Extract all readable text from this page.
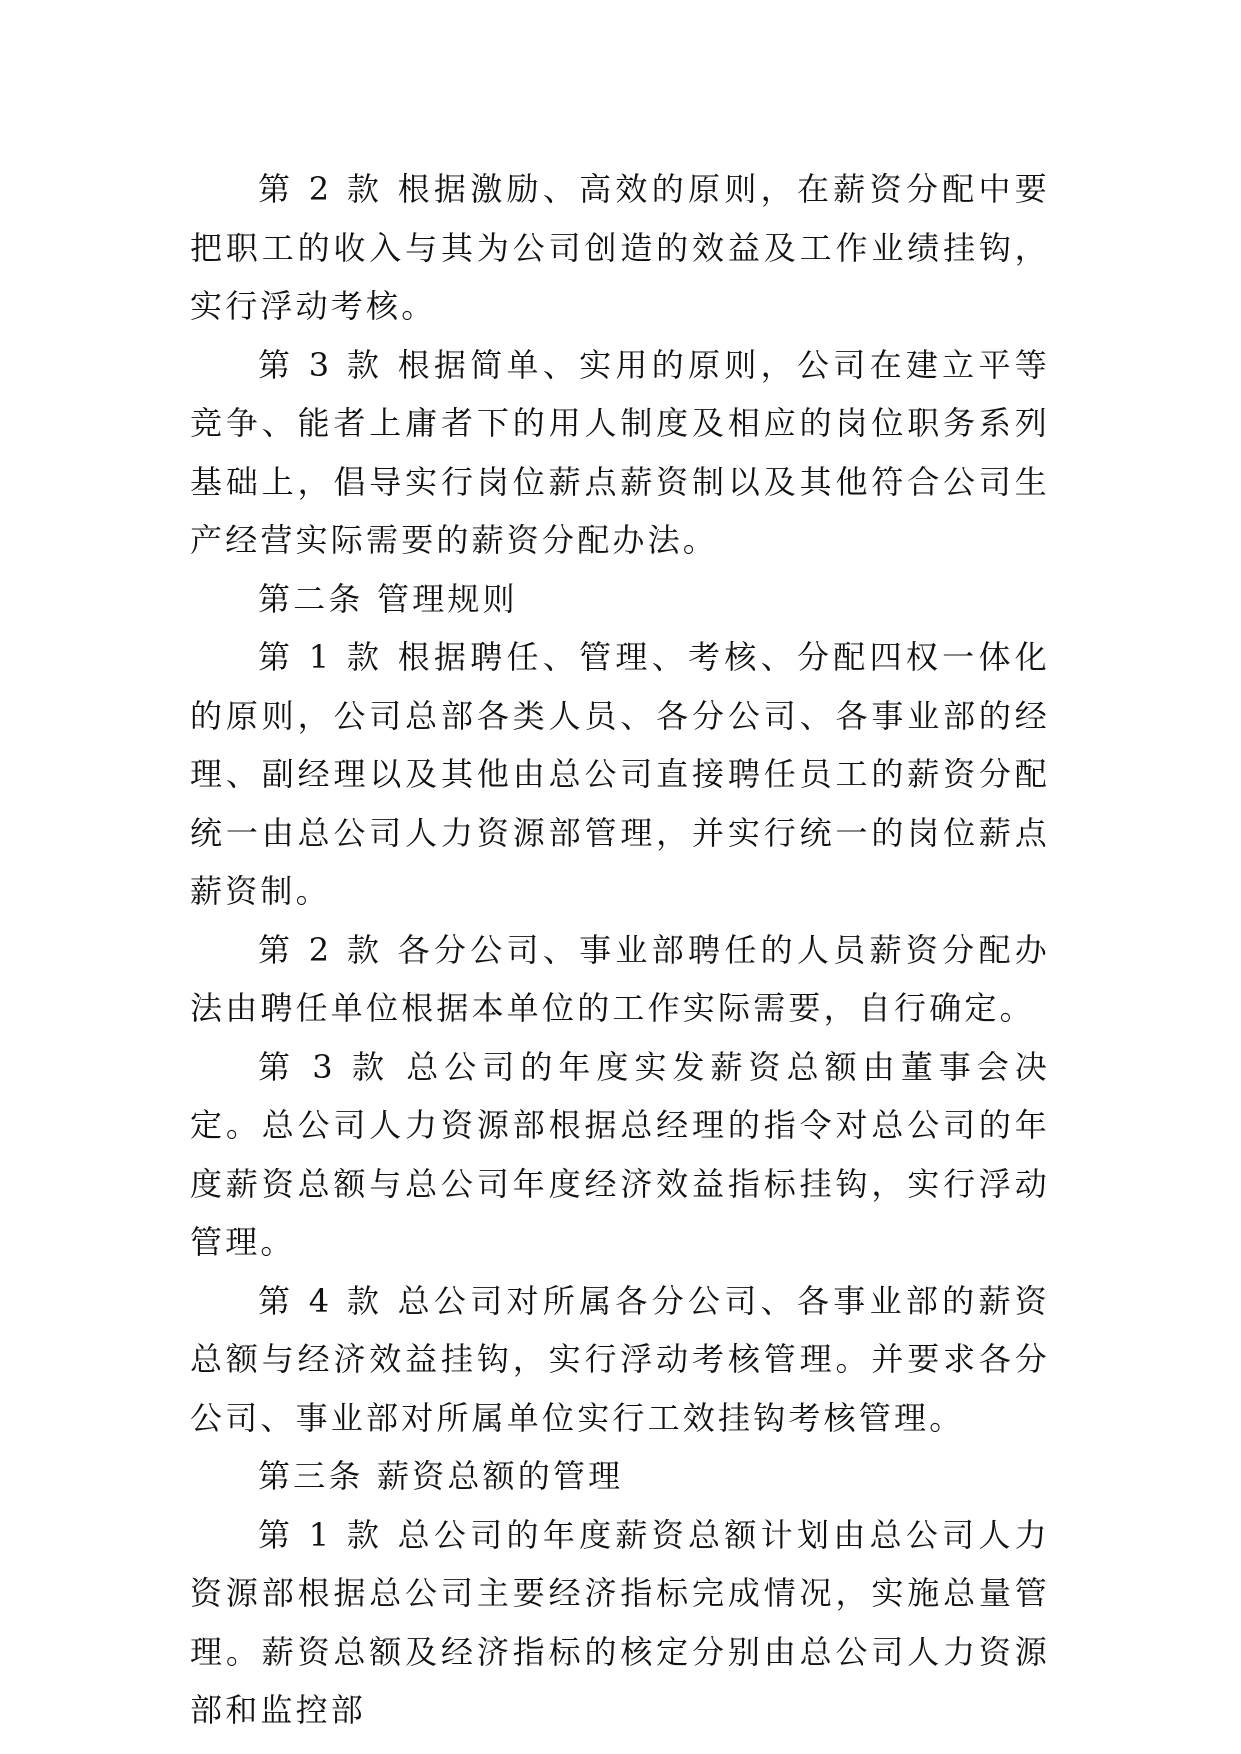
第 2 款 根据激励、高效的原则，在薪资分配中要把职工的收入与其为公司创造的效益及工作业绩挂钩，实行浮动考核。

第 3 款 根据简单、实用的原则，公司在建立平等竞争、能者上庸者下的用人制度及相应的岗位职务系列基础上，倡导实行岗位薪点薪资制以及其他符合公司生产经营实际需要的薪资分配办法。

第二条 管理规则

第 1 款 根据聘任、管理、考核、分配四权一体化的原则，公司总部各类人员、各分公司、各事业部的经理、副经理以及其他由总公司直接聘任员工的薪资分配统一由总公司人力资源部管理，并实行统一的岗位薪点薪资制。

第 2 款 各分公司、事业部聘任的人员薪资分配办法由聘任单位根据本单位的工作实际需要，自行确定。

第 3 款 总公司的年度实发薪资总额由董事会决定。总公司人力资源部根据总经理的指令对总公司的年度薪资总额与总公司年度经济效益指标挂钩，实行浮动管理。

第 4 款 总公司对所属各分公司、各事业部的薪资总额与经济效益挂钩，实行浮动考核管理。并要求各分公司、事业部对所属单位实行工效挂钩考核管理。

第三条 薪资总额的管理

第 1 款 总公司的年度薪资总额计划由总公司人力资源部根据总公司主要经济指标完成情况，实施总量管理。薪资总额及经济指标的核定分别由总公司人力资源部和监控部
